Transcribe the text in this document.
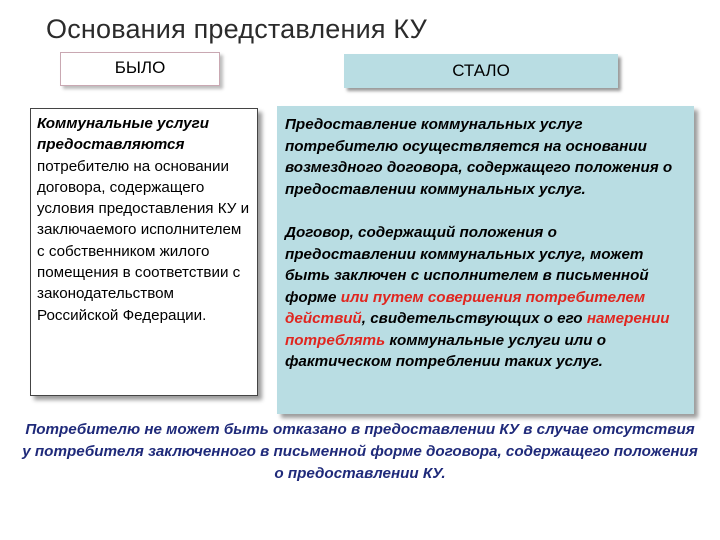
Основания представления КУ
БЫЛО	СТАЛО
Коммунальные услуги предоставляются потребителю на основании договора, содержащего условия предоставления КУ и заключаемого исполнителем с собственником жилого помещения в соответствии с законодательством Российской Федерации.

Предоставление коммунальных услуг потребителю осуществляется на основании возмездного договора, содержащего положения о предоставлении коммунальных услуг.

Договор, содержащий положения о предоставлении коммунальных услуг, может быть заключен с исполнителем в письменной форме или путем совершения потребителем действий, свидетельствующих о его намерении потреблять коммунальные услуги или о фактическом потреблении таких услуг.

Потребителю не может быть отказано в предоставлении КУ в случае отсутствия у потребителя заключенного в письменной форме договора, содержащего положения о предоставлении КУ.
